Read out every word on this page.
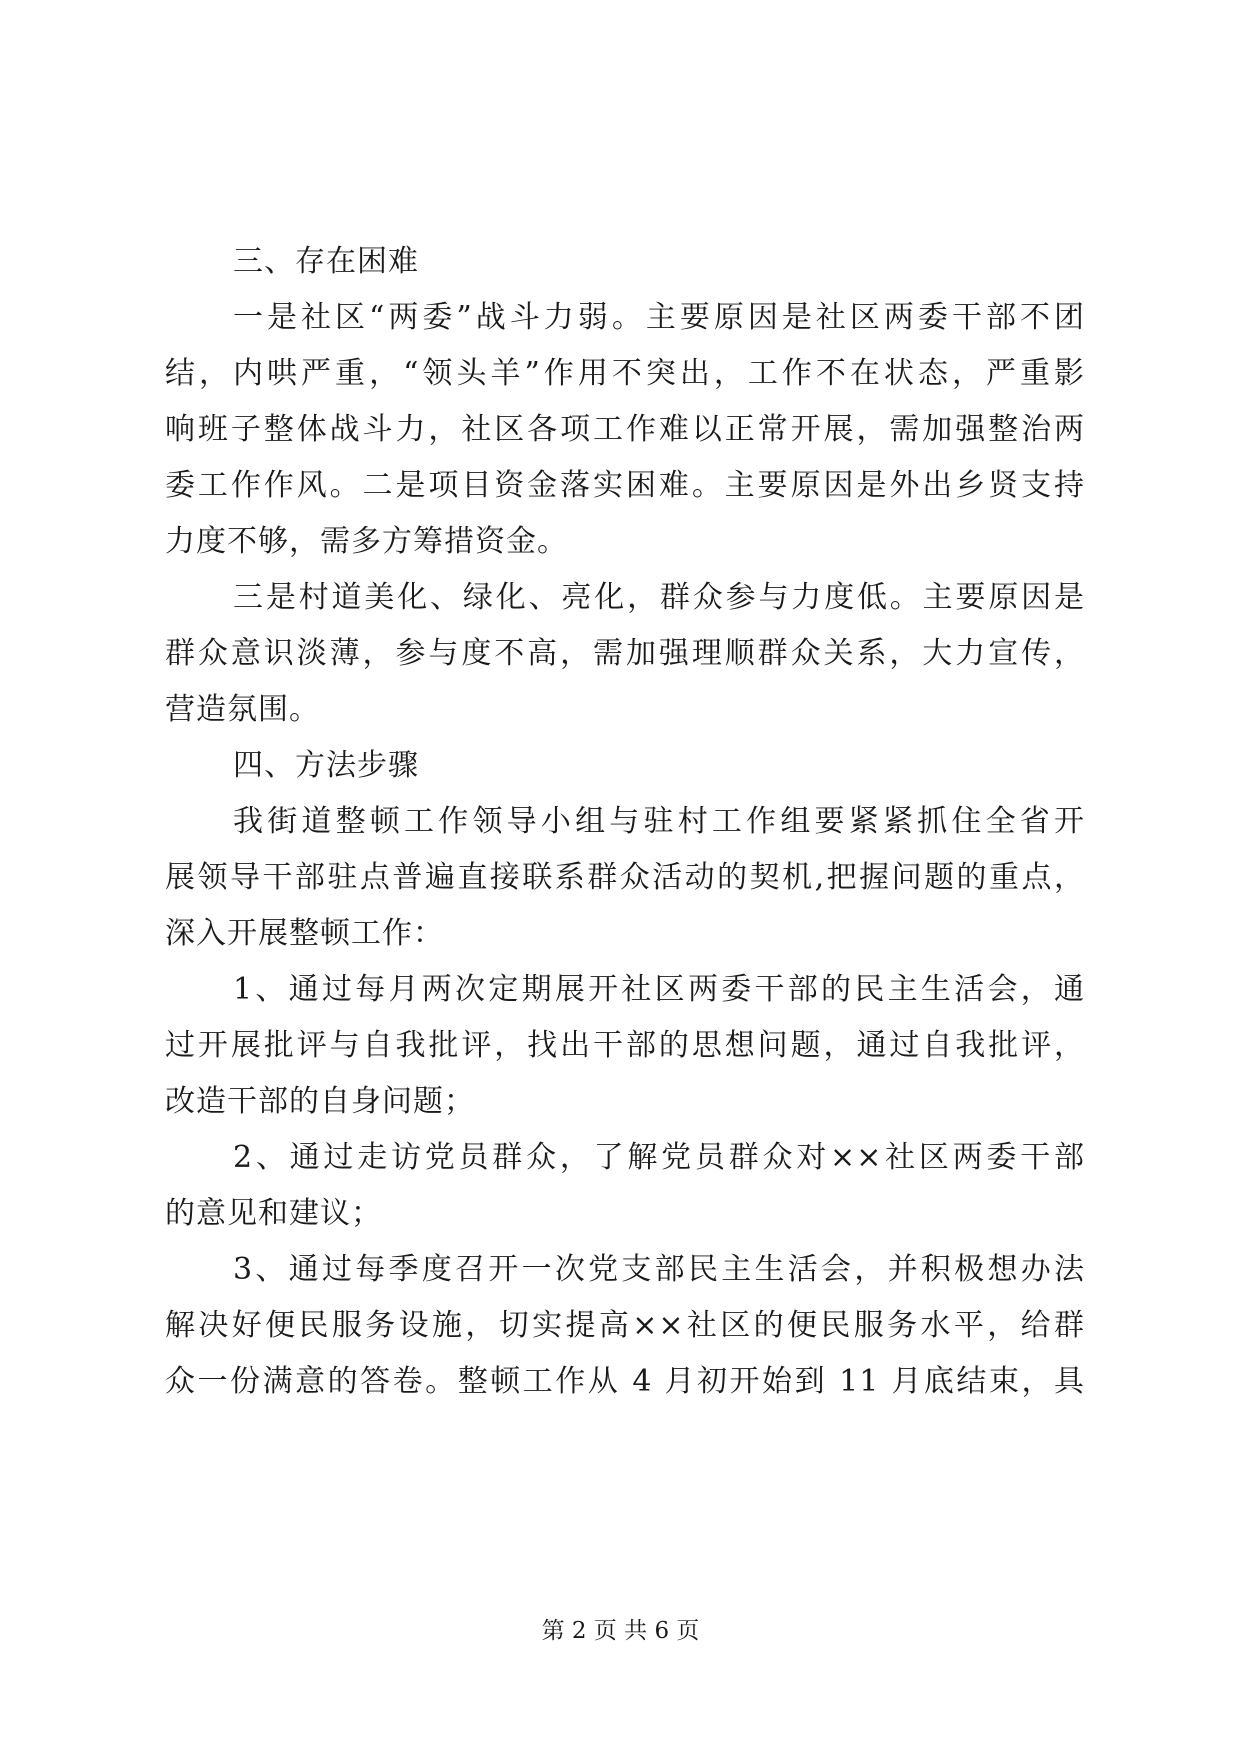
三、存在困难
一是社区“两委”战斗力弱。主要原因是社区两委干部不团
结，内哄严重，“领头羊”作用不突出，工作不在状态，严重影
响班子整体战斗力，社区各项工作难以正常开展，需加强整治两
委工作作风。二是项目资金落实困难。主要原因是外出乡贤支持
力度不够，需多方筹措资金。
三是村道美化、绿化、亮化，群众参与力度低。主要原因是
群众意识淡薄，参与度不高，需加强理顺群众关系，大力宣传，
营造氛围。
四、方法步骤
我街道整顿工作领导小组与驻村工作组要紧紧抓住全省开
展领导干部驻点普遍直接联系群众活动的契机,把握问题的重点，
深入开展整顿工作：
1、通过每月两次定期展开社区两委干部的民主生活会，通
过开展批评与自我批评，找出干部的思想问题，通过自我批评，
改造干部的自身问题；
2、通过走访党员群众，了解党员群众对××社区两委干部
的意见和建议；
3、通过每季度召开一次党支部民主生活会，并积极想办法
解决好便民服务设施，切实提高××社区的便民服务水平，给群
众一份满意的答卷。整顿工作从 4 月初开始到 11 月底结束，具
第 2 页 共 6 页
